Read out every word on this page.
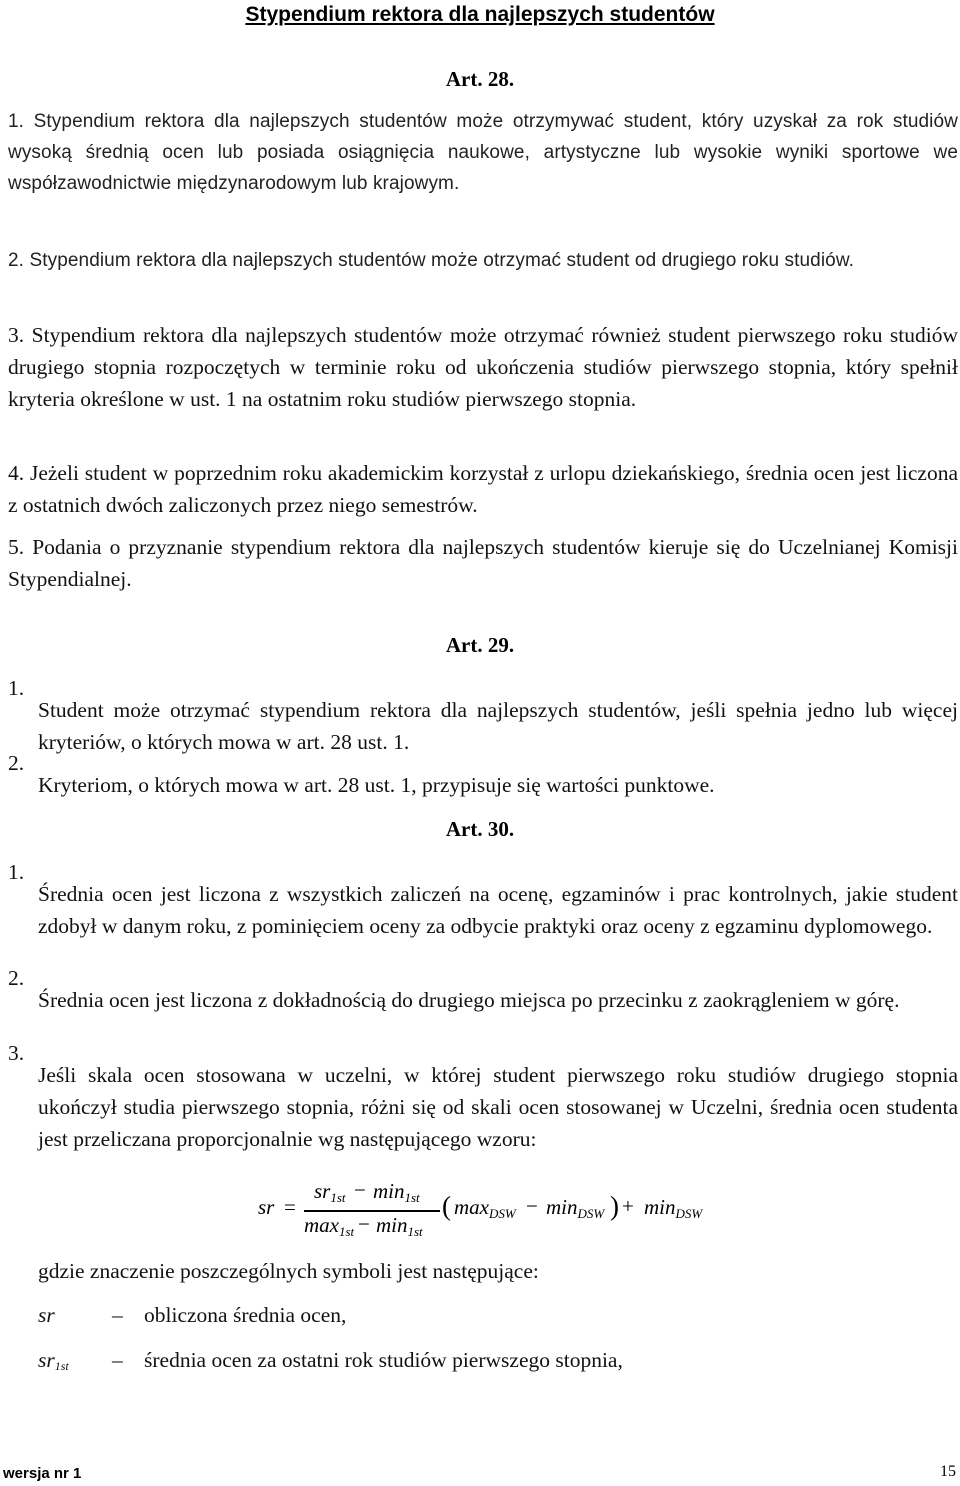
Stypendium rektora dla najlepszych studentów
Art. 28.

1. Stypendium rektora dla najlepszych studentów może otrzymywać student, który uzyskał za rok studiów wysoką średnią ocen lub posiada osiągnięcia naukowe, artystyczne lub wysokie wyniki sportowe we współzawodnictwie międzynarodowym lub krajowym.

2. Stypendium rektora dla najlepszych studentów może otrzymać student od drugiego roku studiów.

3. Stypendium rektora dla najlepszych studentów może otrzymać również student pierwszego roku studiów drugiego stopnia rozpoczętych w terminie roku od ukończenia studiów pierwszego stopnia, który spełnił kryteria określone w ust. 1 na ostatnim roku studiów pierwszego stopnia.

4. Jeżeli student w poprzednim roku akademickim korzystał z urlopu dziekańskiego, średnia ocen jest liczona z ostatnich dwóch zaliczonych przez niego semestrów.

5. Podania o przyznanie stypendium rektora dla najlepszych studentów kieruje się do Uczelnianej Komisji Stypendialnej.

Art. 29.
1.

Student może otrzymać stypendium rektora dla najlepszych studentów, jeśli spełnia jedno lub więcej kryteriów, o których mowa w art. 28 ust. 1.

2.

Kryteriom, o których mowa w art. 28 ust. 1, przypisuje się wartości punktowe.

Art. 30.
1.

Średnia ocen jest liczona z wszystkich zaliczeń na ocenę, egzaminów i prac kontrolnych, jakie student zdobył w danym roku, z pominięciem oceny za odbycie praktyki oraz oceny z egzaminu dyplomowego.

2.

Średnia ocen jest liczona z dokładnością do drugiego miejsca po przecinku z zaokrągleniem w górę.

3.

Jeśli skala ocen stosowana w uczelni, w której student pierwszego roku studiów drugiego stopnia ukończył studia pierwszego stopnia, różni się od skali ocen stosowanej w Uczelni, średnia ocen studenta jest przeliczana proporcjonalnie wg następującego wzoru:

sr =
$sr_{1st} - \min_{1st}$
$\max_{1st} - \min_{1st}$
( $\max_{DSW} - \min_{DSW}$ ) + $\min_{DSW}$
gdzie znaczenie poszczególnych symboli jest następujące:
sr	– obliczona średnia ocen,
$sr_{1st}$ – średnia ocen za ostatni rok studiów pierwszego stopnia,
wersja nr 1	15
